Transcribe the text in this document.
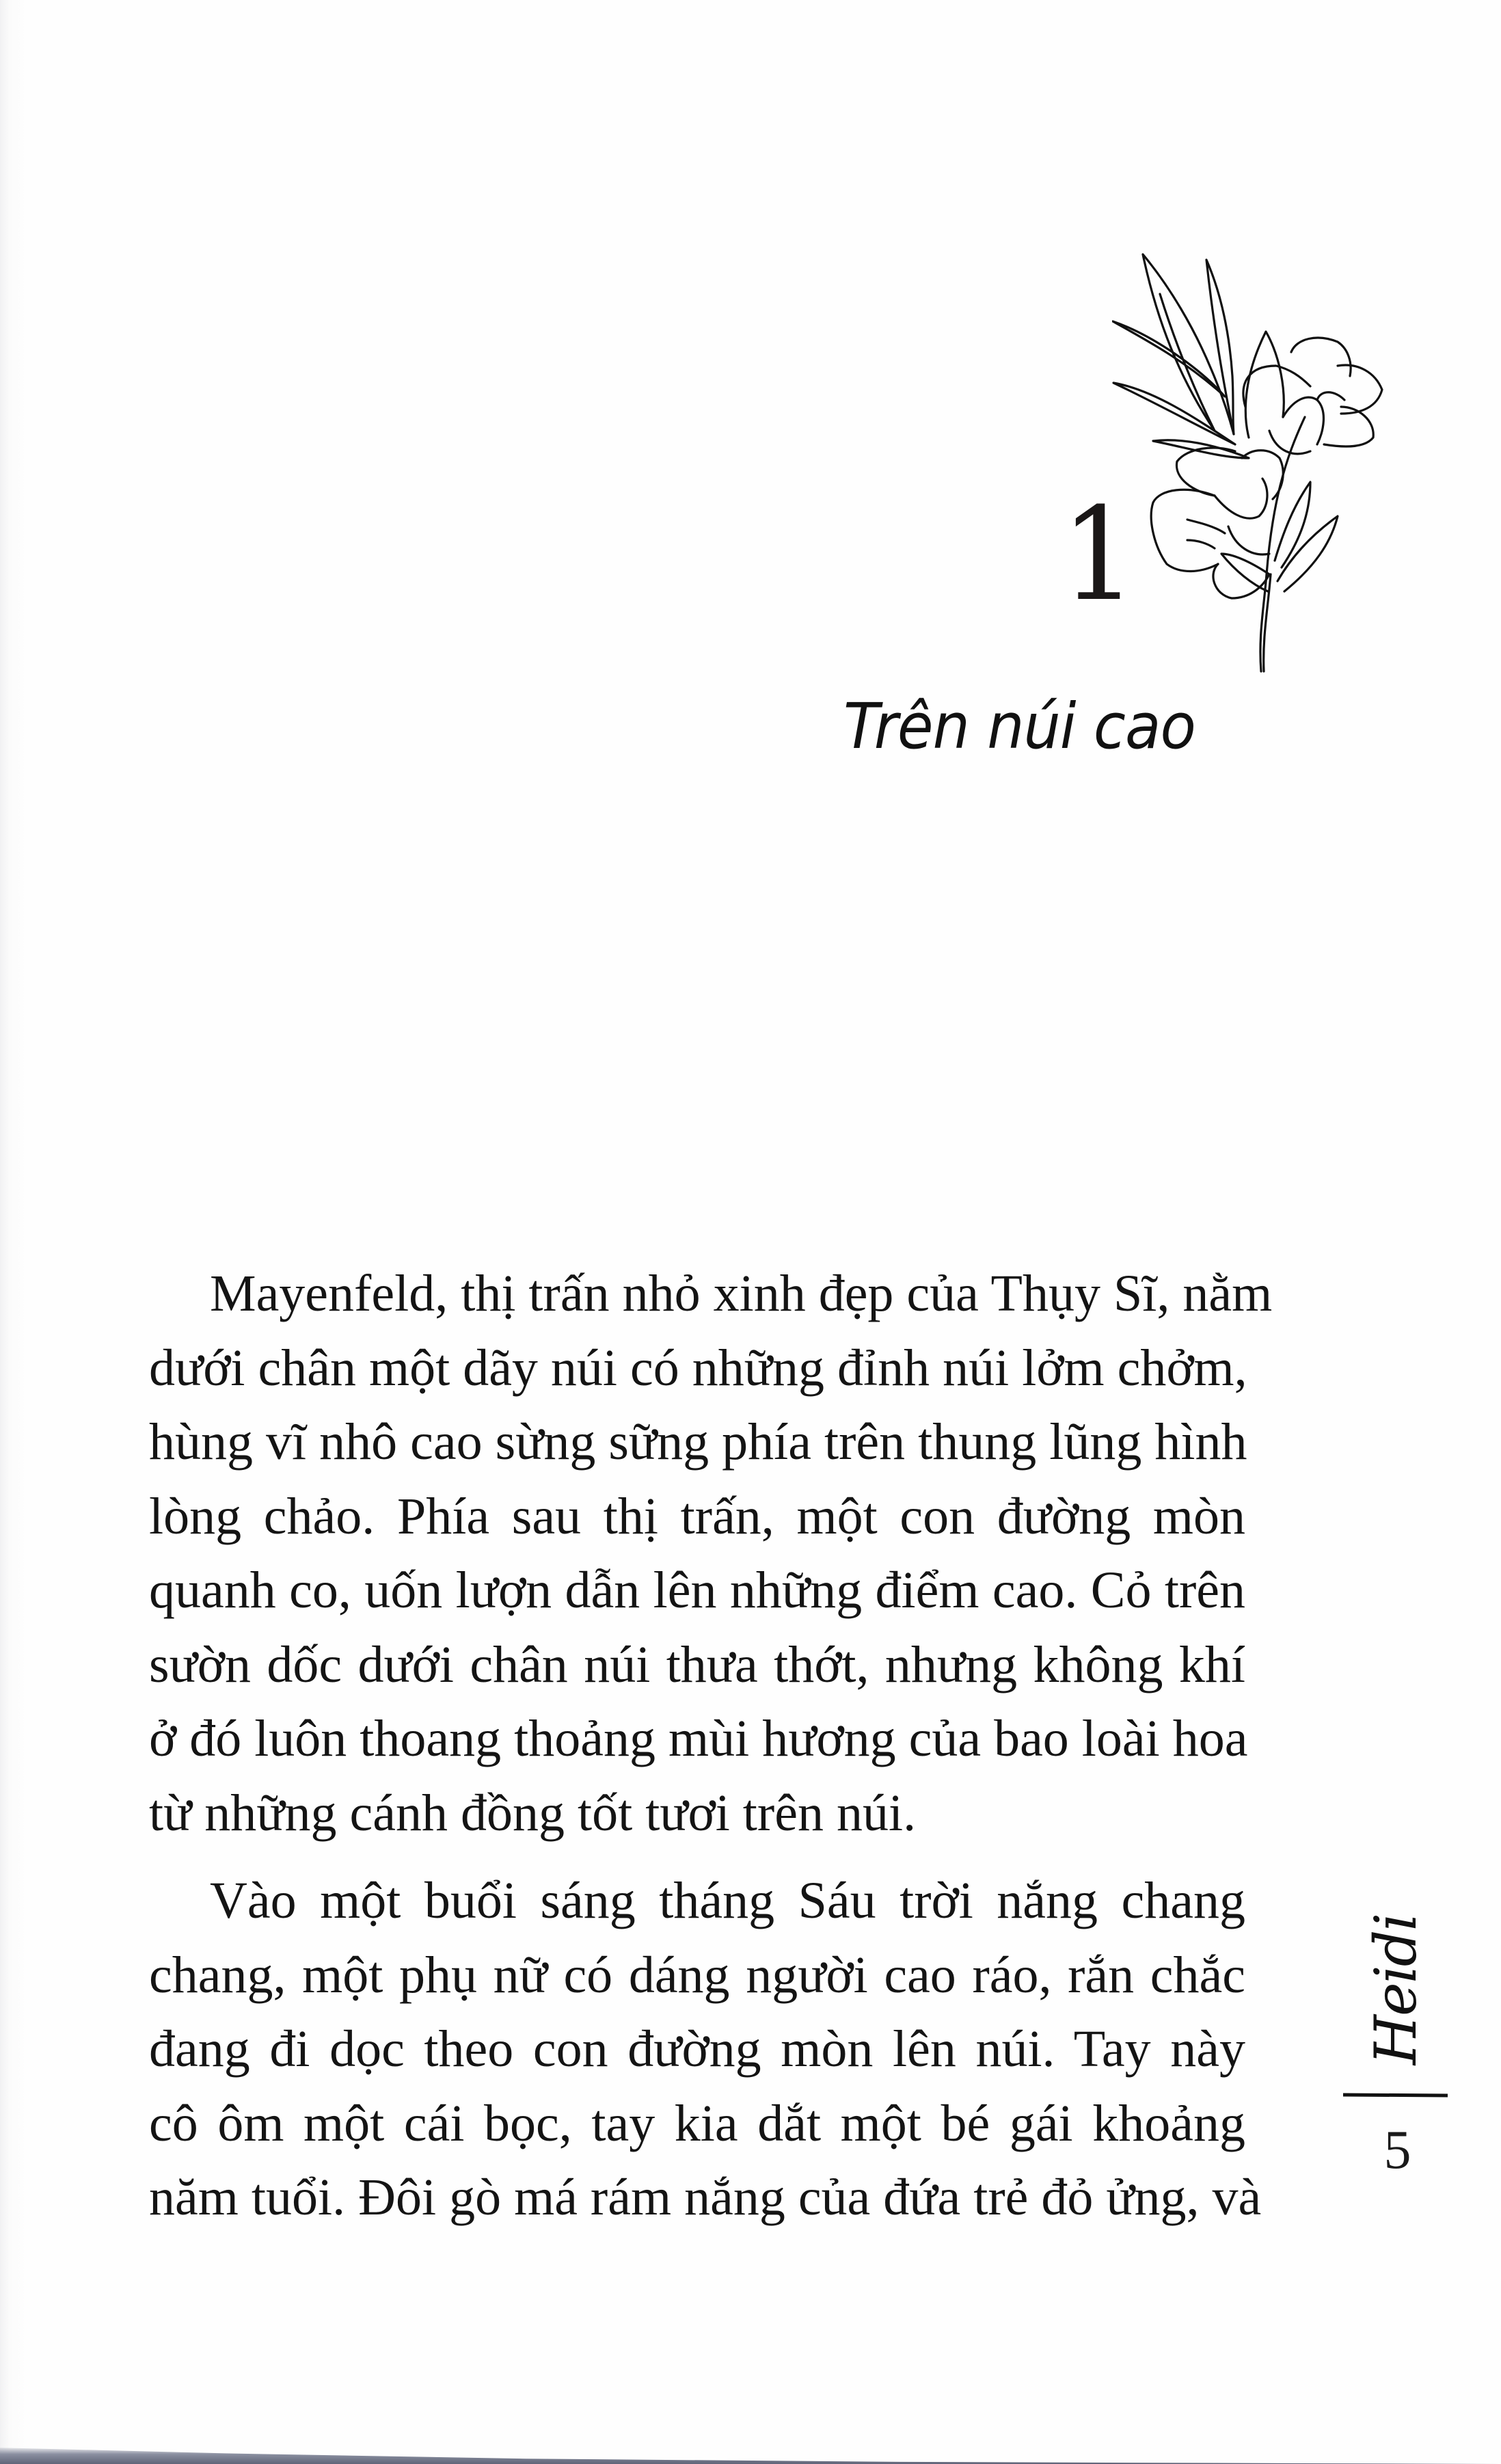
1
Trên núi cao
Mayenfeld, thị trấn nhỏ xinh đẹp của Thụy Sĩ, nằm
dưới chân một dãy núi có những đỉnh núi lởm chởm,
hùng vĩ nhô cao sừng sững phía trên thung lũng hình
lòng chảo. Phía sau thị trấn, một con đường mòn
quanh co, uốn lượn dẫn lên những điểm cao. Cỏ trên
sườn dốc dưới chân núi thưa thớt, nhưng không khí
ở đó luôn thoang thoảng mùi hương của bao loài hoa
từ những cánh đồng tốt tươi trên núi.
Vào một buổi sáng tháng Sáu trời nắng chang
chang, một phụ nữ có dáng người cao ráo, rắn chắc
đang đi dọc theo con đường mòn lên núi. Tay này
cô ôm một cái bọc, tay kia dắt một bé gái khoảng
năm tuổi. Đôi gò má rám nắng của đứa trẻ đỏ ửng, và
Heidi
5
